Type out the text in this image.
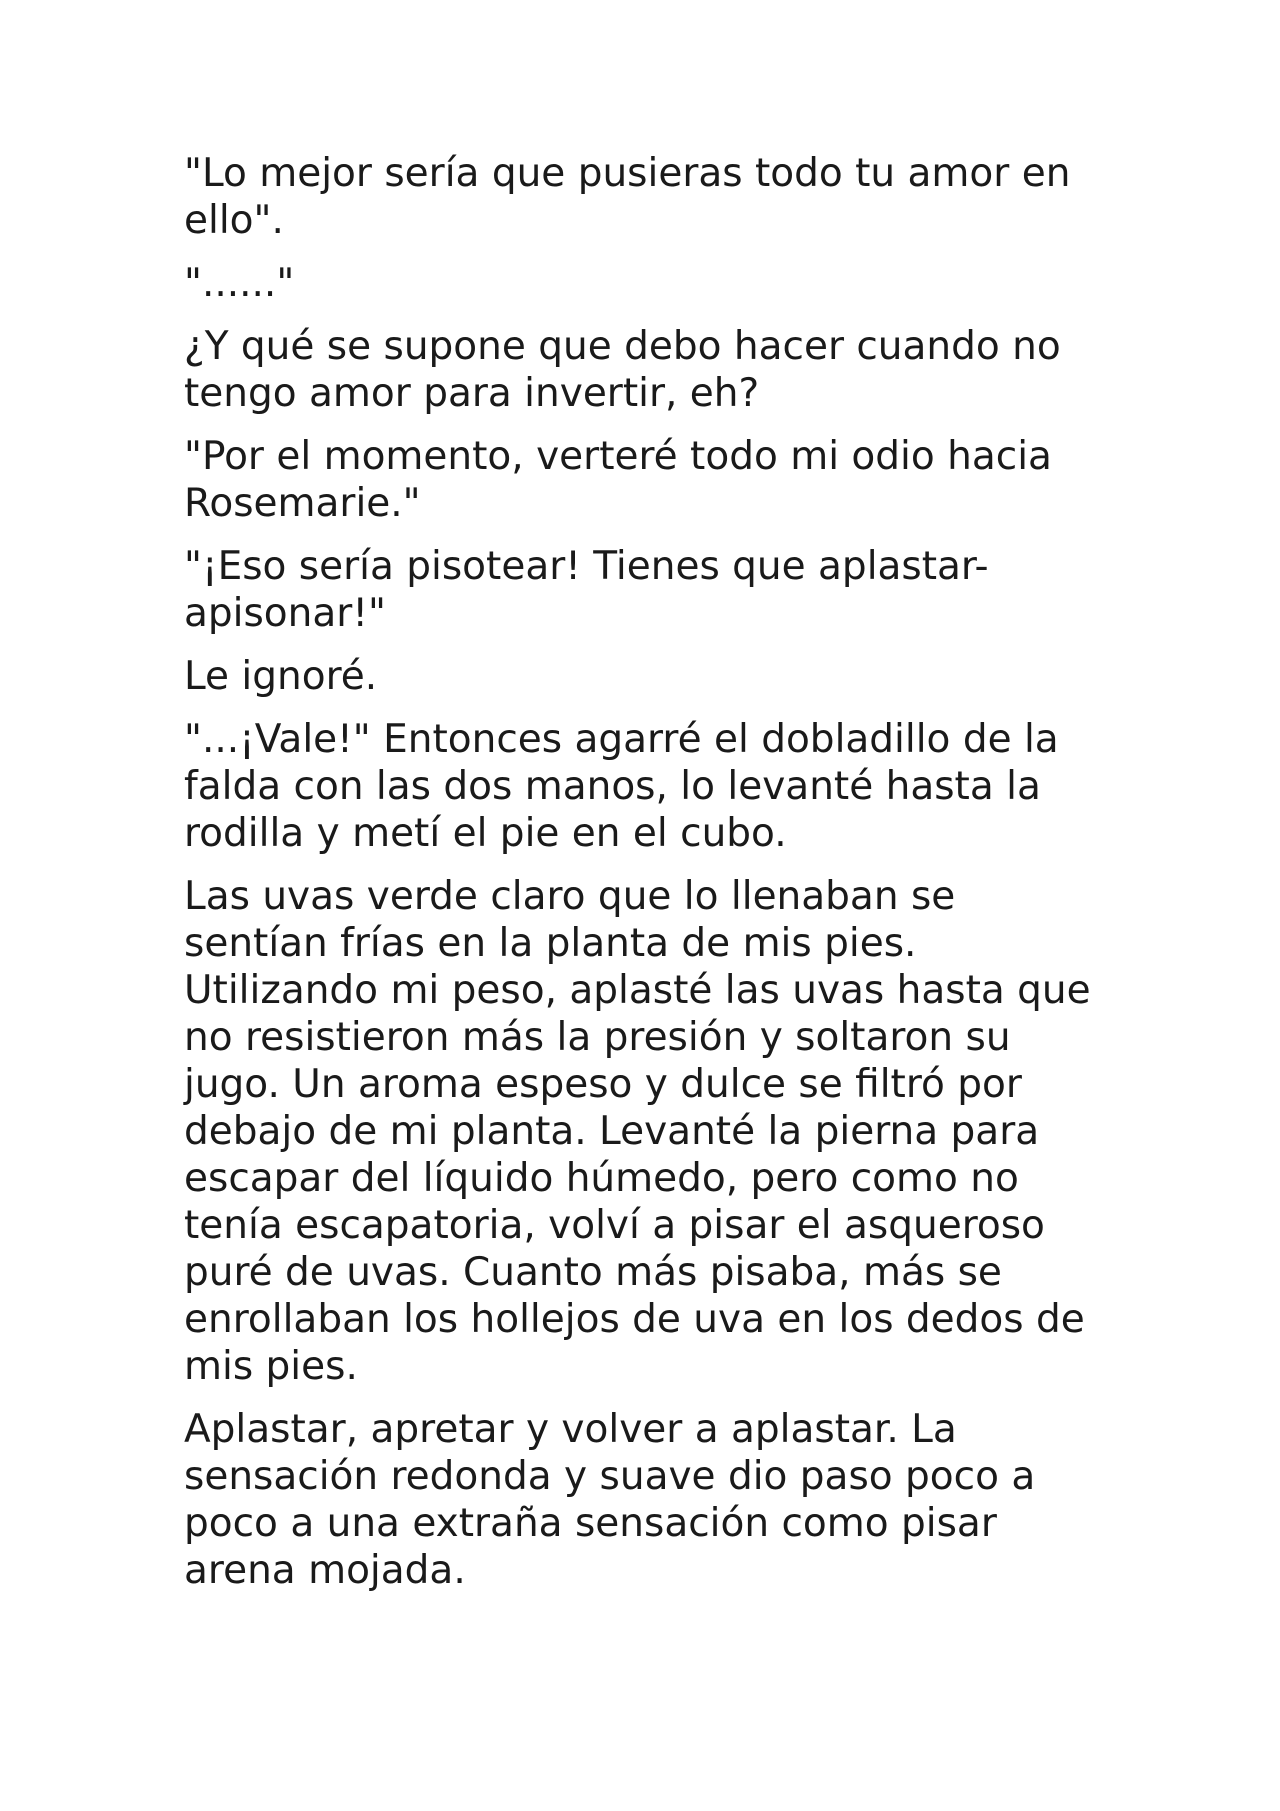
"Lo mejor sería que pusieras todo tu amor en
ello".

"......"

¿Y qué se supone que debo hacer cuando no
tengo amor para invertir, eh?

"Por el momento, verteré todo mi odio hacia
Rosemarie."

"¡Eso sería pisotear! Tienes que aplastar-
apisonar!"

Le ignoré.

"...¡Vale!" Entonces agarré el dobladillo de la
falda con las dos manos, lo levanté hasta la
rodilla y metí el pie en el cubo.

Las uvas verde claro que lo llenaban se
sentían frías en la planta de mis pies.
Utilizando mi peso, aplasté las uvas hasta que
no resistieron más la presión y soltaron su
jugo. Un aroma espeso y dulce se filtró por
debajo de mi planta. Levanté la pierna para
escapar del líquido húmedo, pero como no
tenía escapatoria, volví a pisar el asqueroso
puré de uvas. Cuanto más pisaba, más se
enrollaban los hollejos de uva en los dedos de
mis pies.

Aplastar, apretar y volver a aplastar. La
sensación redonda y suave dio paso poco a
poco a una extraña sensación como pisar
arena mojada.
